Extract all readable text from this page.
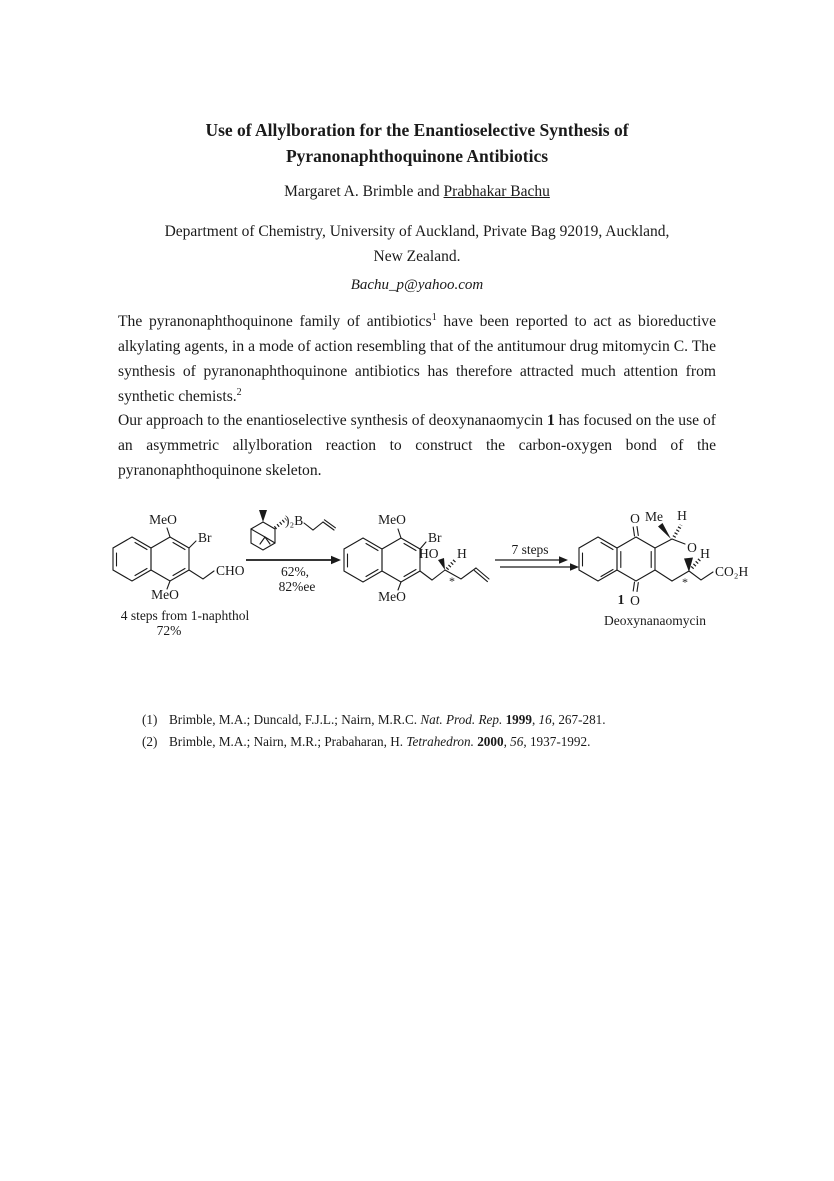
Use of Allylboration for the Enantioselective Synthesis of
Pyranonaphthoquinone Antibiotics
Margaret A. Brimble and Prabhakar Bachu
Department of Chemistry, University of Auckland, Private Bag 92019, Auckland,
New Zealand.
Bachu_p@yahoo.com

The pyranonaphthoquinone family of antibiotics$^1$ have been reported to act as bioreductive alkylating agents, in a mode of action resembling that of the antitumour drug mitomycin C. The synthesis of pyranonaphthoquinone antibiotics has therefore attracted much attention from synthetic chemists.$^2$

Our approach to the enantioselective synthesis of deoxynanaomycin 1 has focused on the use of an asymmetric allylboration reaction to construct the carbon-oxygen bond of the pyranonaphthoquinone skeleton.

MeO
Br
CHO
MeO
4 steps from 1-naphthol
72%
)₂B
62%,
82%ee
MeO
Br
HO H
*
MeO
7 steps
O Me H
O H
CO₂H
*
1 O
Deoxynanaomycin
(1) Brimble, M.A.; Duncald, F.J.L.; Nairn, M.R.C. Nat. Prod. Rep. 1999, 16, 267-281.
(2) Brimble, M.A.; Nairn, M.R.; Prabaharan, H. Tetrahedron. 2000, 56, 1937-1992.
